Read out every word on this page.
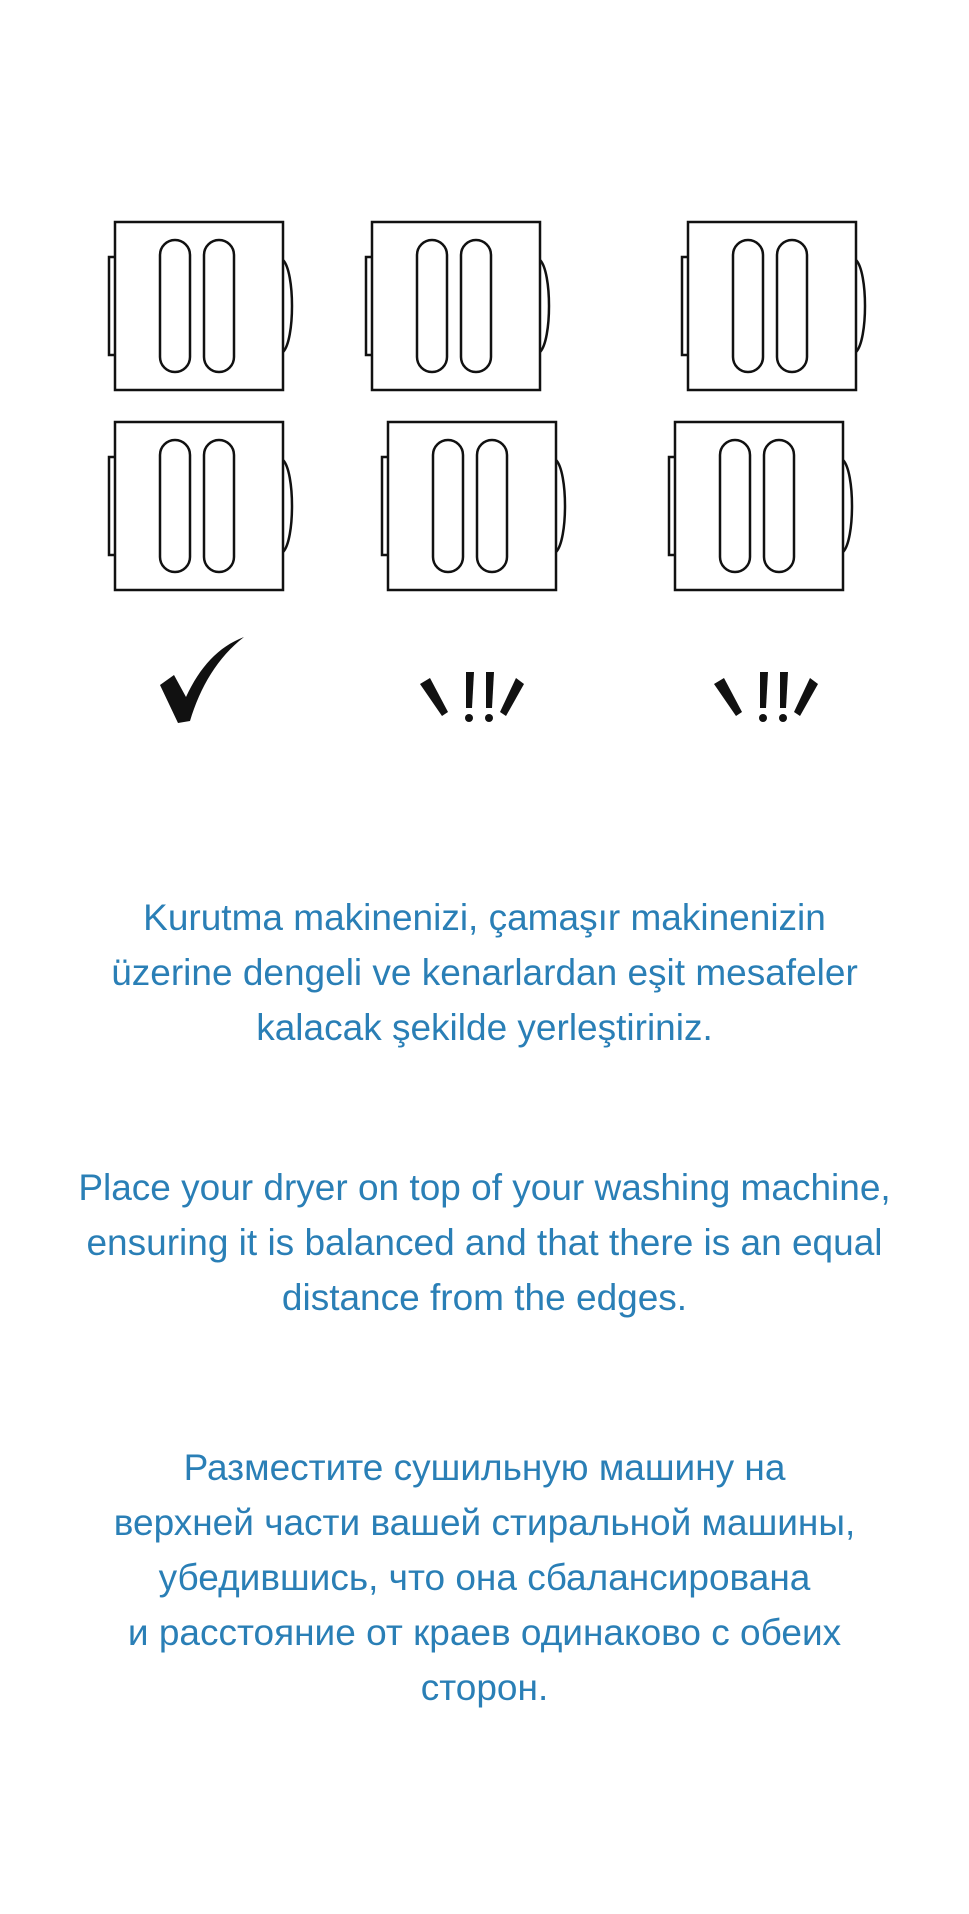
Kurutma makinenizi, çamaşır makinenizin
üzerine dengeli ve kenarlardan eşit mesafeler
kalacak şekilde yerleştiriniz.
Place your dryer on top of your washing machine,
ensuring it is balanced and that there is an equal
distance from the edges.
Разместите сушильную машину на
верхней части вашей стиральной машины,
убедившись, что она сбалансирована
и расстояние от краев одинаково с обеих
сторон.
